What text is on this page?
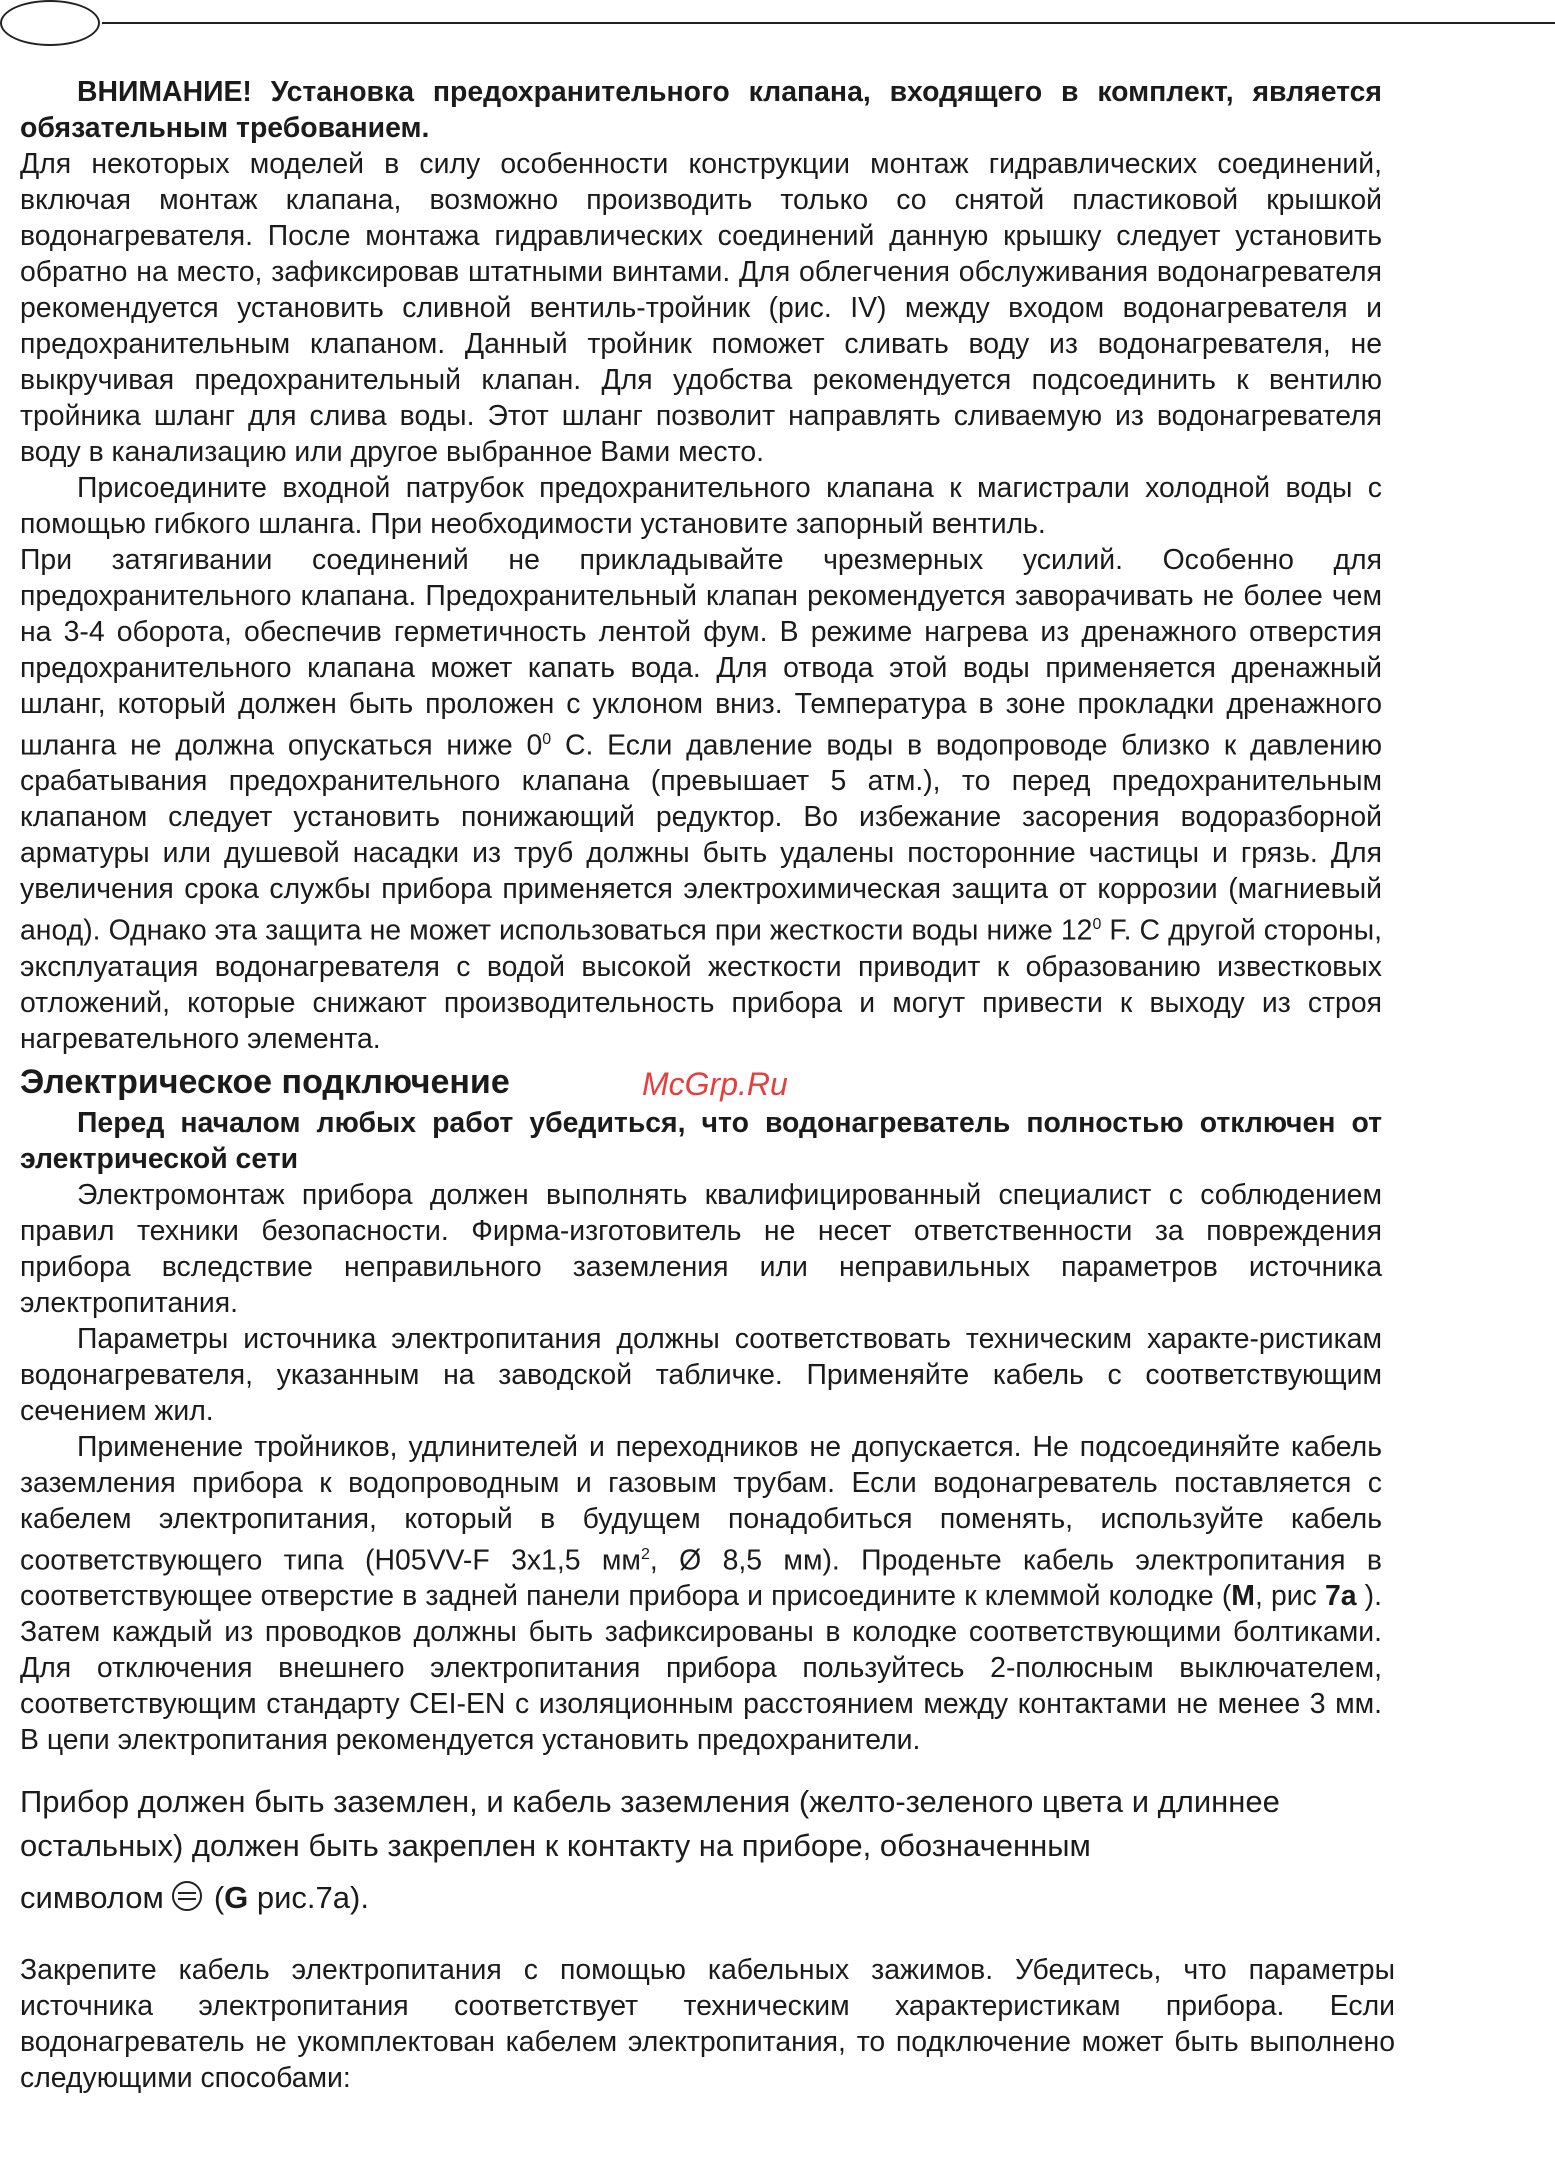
ВНИМАНИЕ! Установка предохранительного клапана, входящего в комплект, является обязательным требованием.

Для некоторых моделей в силу особенности конструкции монтаж гидравлических соединений, включая монтаж клапана, возможно производить только со снятой пластиковой крышкой водонагревателя. После монтажа гидравлических соединений данную крышку следует установить обратно на место, зафиксировав штатными винтами. Для облегчения обслуживания водонагревателя рекомендуется установить сливной вентиль-тройник (рис. IV) между входом водонагревателя и предохранительным клапаном. Данный тройник поможет сливать воду из водонагревателя, не выкручивая предохранительный клапан. Для удобства рекомендуется подсоединить к вентилю тройника шланг для слива воды. Этот шланг позволит направлять сливаемую из водонагревателя воду в канализацию или другое выбранное Вами место.

Присоедините входной патрубок предохранительного клапана к магистрали холодной воды с помощью гибкого шланга. При необходимости установите запорный вентиль.

При затягивании соединений не прикладывайте чрезмерных усилий. Особенно для предохранительного клапана. Предохранительный клапан рекомендуется заворачивать не более чем на 3-4 оборота, обеспечив герметичность лентой фум. В режиме нагрева из дренажного отверстия предохранительного клапана может капать вода. Для отвода этой воды применяется дренажный шланг, который должен быть проложен с уклоном вниз. Температура в зоне прокладки дренажного шланга не должна опускаться ниже $0^0$ С. Если давление воды в водопроводе близко к давлению срабатывания предохранительного клапана (превышает 5 атм.), то перед предохранительным клапаном следует установить понижающий редуктор. Во избежание засорения водоразборной арматуры или душевой насадки из труб должны быть удалены посторонние частицы и грязь. Для увеличения срока службы прибора применяется электрохимическая защита от коррозии (магниевый анод). Однако эта защита не может использоваться при жесткости воды ниже $12^0$ F. С другой стороны, эксплуатация водонагревателя с водой высокой жесткости приводит к образованию известковых отложений, которые снижают производительность прибора и могут привести к выходу из строя нагревательного элемента.

Электрическое подключение

Перед началом любых работ убедиться, что водонагреватель полностью отключен от электрической сети

Электромонтаж прибора должен выполнять квалифицированный специалист с соблюдением правил техники безопасности. Фирма-изготовитель не несет ответственности за повреждения прибора вследствие неправильного заземления или неправильных параметров источника электропитания.

Параметры источника электропитания должны соответствовать техническим характе-ристикам водонагревателя, указанным на заводской табличке. Применяйте кабель с соответствующим сечением жил.

Применение тройников, удлинителей и переходников не допускается. Не подсоединяйте кабель заземления прибора к водопроводным и газовым трубам. Если водонагреватель поставляется с кабелем электропитания, который в будущем понадобиться поменять, используйте кабель соответствующего типа (H05VV-F 3x1,5 $мм^2$, Ø 8,5 мм). Проденьте кабель электропитания в соответствующее отверстие в задней панели прибора и присоедините к клеммой колодке (М, рис 7а ). Затем каждый из проводков должны быть зафиксированы в колодке соответствующими болтиками. Для отключения внешнего электропитания прибора пользуйтесь 2-полюсным выключателем, соответствующим стандарту CEI-EN с изоляционным расстоянием между контактами не менее 3 мм. В цепи электропитания рекомендуется установить предохранители.

Прибор должен быть заземлен, и кабель заземления (желто-зеленого цвета и длиннее остальных) должен быть закреплен к контакту на приборе, обозначенным

символом (G рис.7а).

Закрепите кабель электропитания с помощью кабельных зажимов. Убедитесь, что параметры источника электропитания соответствует техническим характеристикам прибора. Если водонагреватель не укомплектован кабелем электропитания, то подключение может быть выполнено следующими способами:

McGrp.Ru
